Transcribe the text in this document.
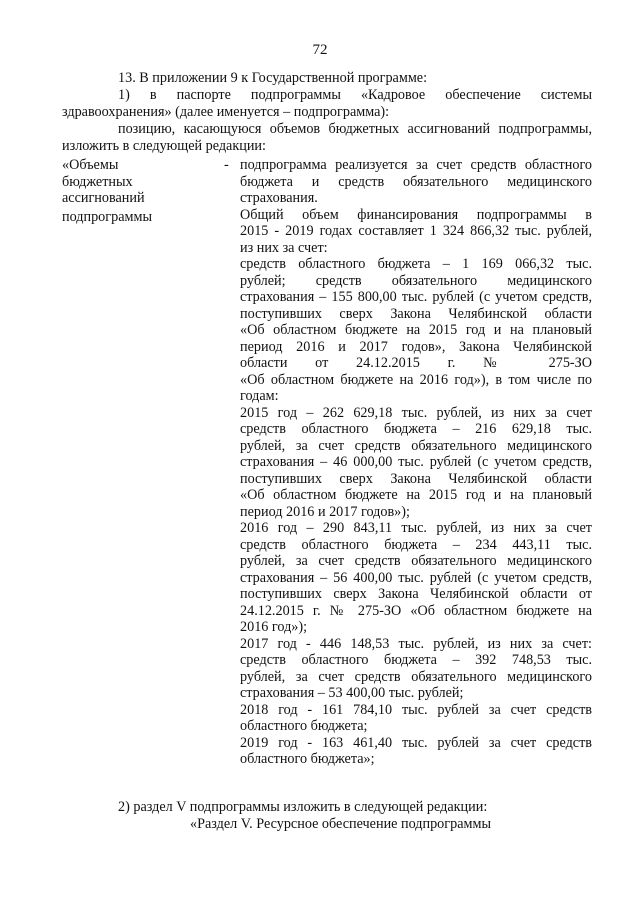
72
13. В приложении 9 к Государственной программе:
1) в паспорте подпрограммы «Кадровое обеспечение системы
здравоохранения» (далее именуется – подпрограмма):
позицию, касающуюся объемов бюджетных ассигнований подпрограммы,
изложить в следующей редакции:
«Объемы
бюджетных
ассигнований
подпрограммы
- подпрограмма реализуется за счет средств областного
бюджета и средств обязательного медицинского
страхования.
Общий объем финансирования подпрограммы в
2015 - 2019 годах составляет 1 324 866,32 тыс. рублей,
из них за счет:
средств областного бюджета – 1 169 066,32 тыс.
рублей; средств обязательного медицинского
страхования – 155 800,00 тыс. рублей (с учетом средств,
поступивших сверх Закона Челябинской области
«Об областном бюджете на 2015 год и на плановый
период 2016 и 2017 годов», Закона Челябинской
области от 24.12.2015 г. № 275-ЗО
«Об областном бюджете на 2016 год»), в том числе по
годам:
2015 год – 262 629,18 тыс. рублей, из них за счет
средств областного бюджета – 216 629,18 тыс.
рублей, за счет средств обязательного медицинского
страхования – 46 000,00 тыс. рублей (с учетом средств,
поступивших сверх Закона Челябинской области
«Об областном бюджете на 2015 год и на плановый
период 2016 и 2017 годов»);
2016 год – 290 843,11 тыс. рублей, из них за счет
средств областного бюджета – 234 443,11 тыс.
рублей, за счет средств обязательного медицинского
страхования – 56 400,00 тыс. рублей (с учетом средств,
поступивших сверх Закона Челябинской области от
24.12.2015 г. № 275-ЗО «Об областном бюджете на
2016 год»);
2017 год - 446 148,53 тыс. рублей, из них за счет:
средств областного бюджета – 392 748,53 тыс.
рублей, за счет средств обязательного медицинского
страхования – 53 400,00 тыс. рублей;
2018 год - 161 784,10 тыс. рублей за счет средств
областного бюджета;
2019 год - 163 461,40 тыс. рублей за счет средств
областного бюджета»;
2) раздел V подпрограммы изложить в следующей редакции:
«Раздел V. Ресурсное обеспечение подпрограммы
